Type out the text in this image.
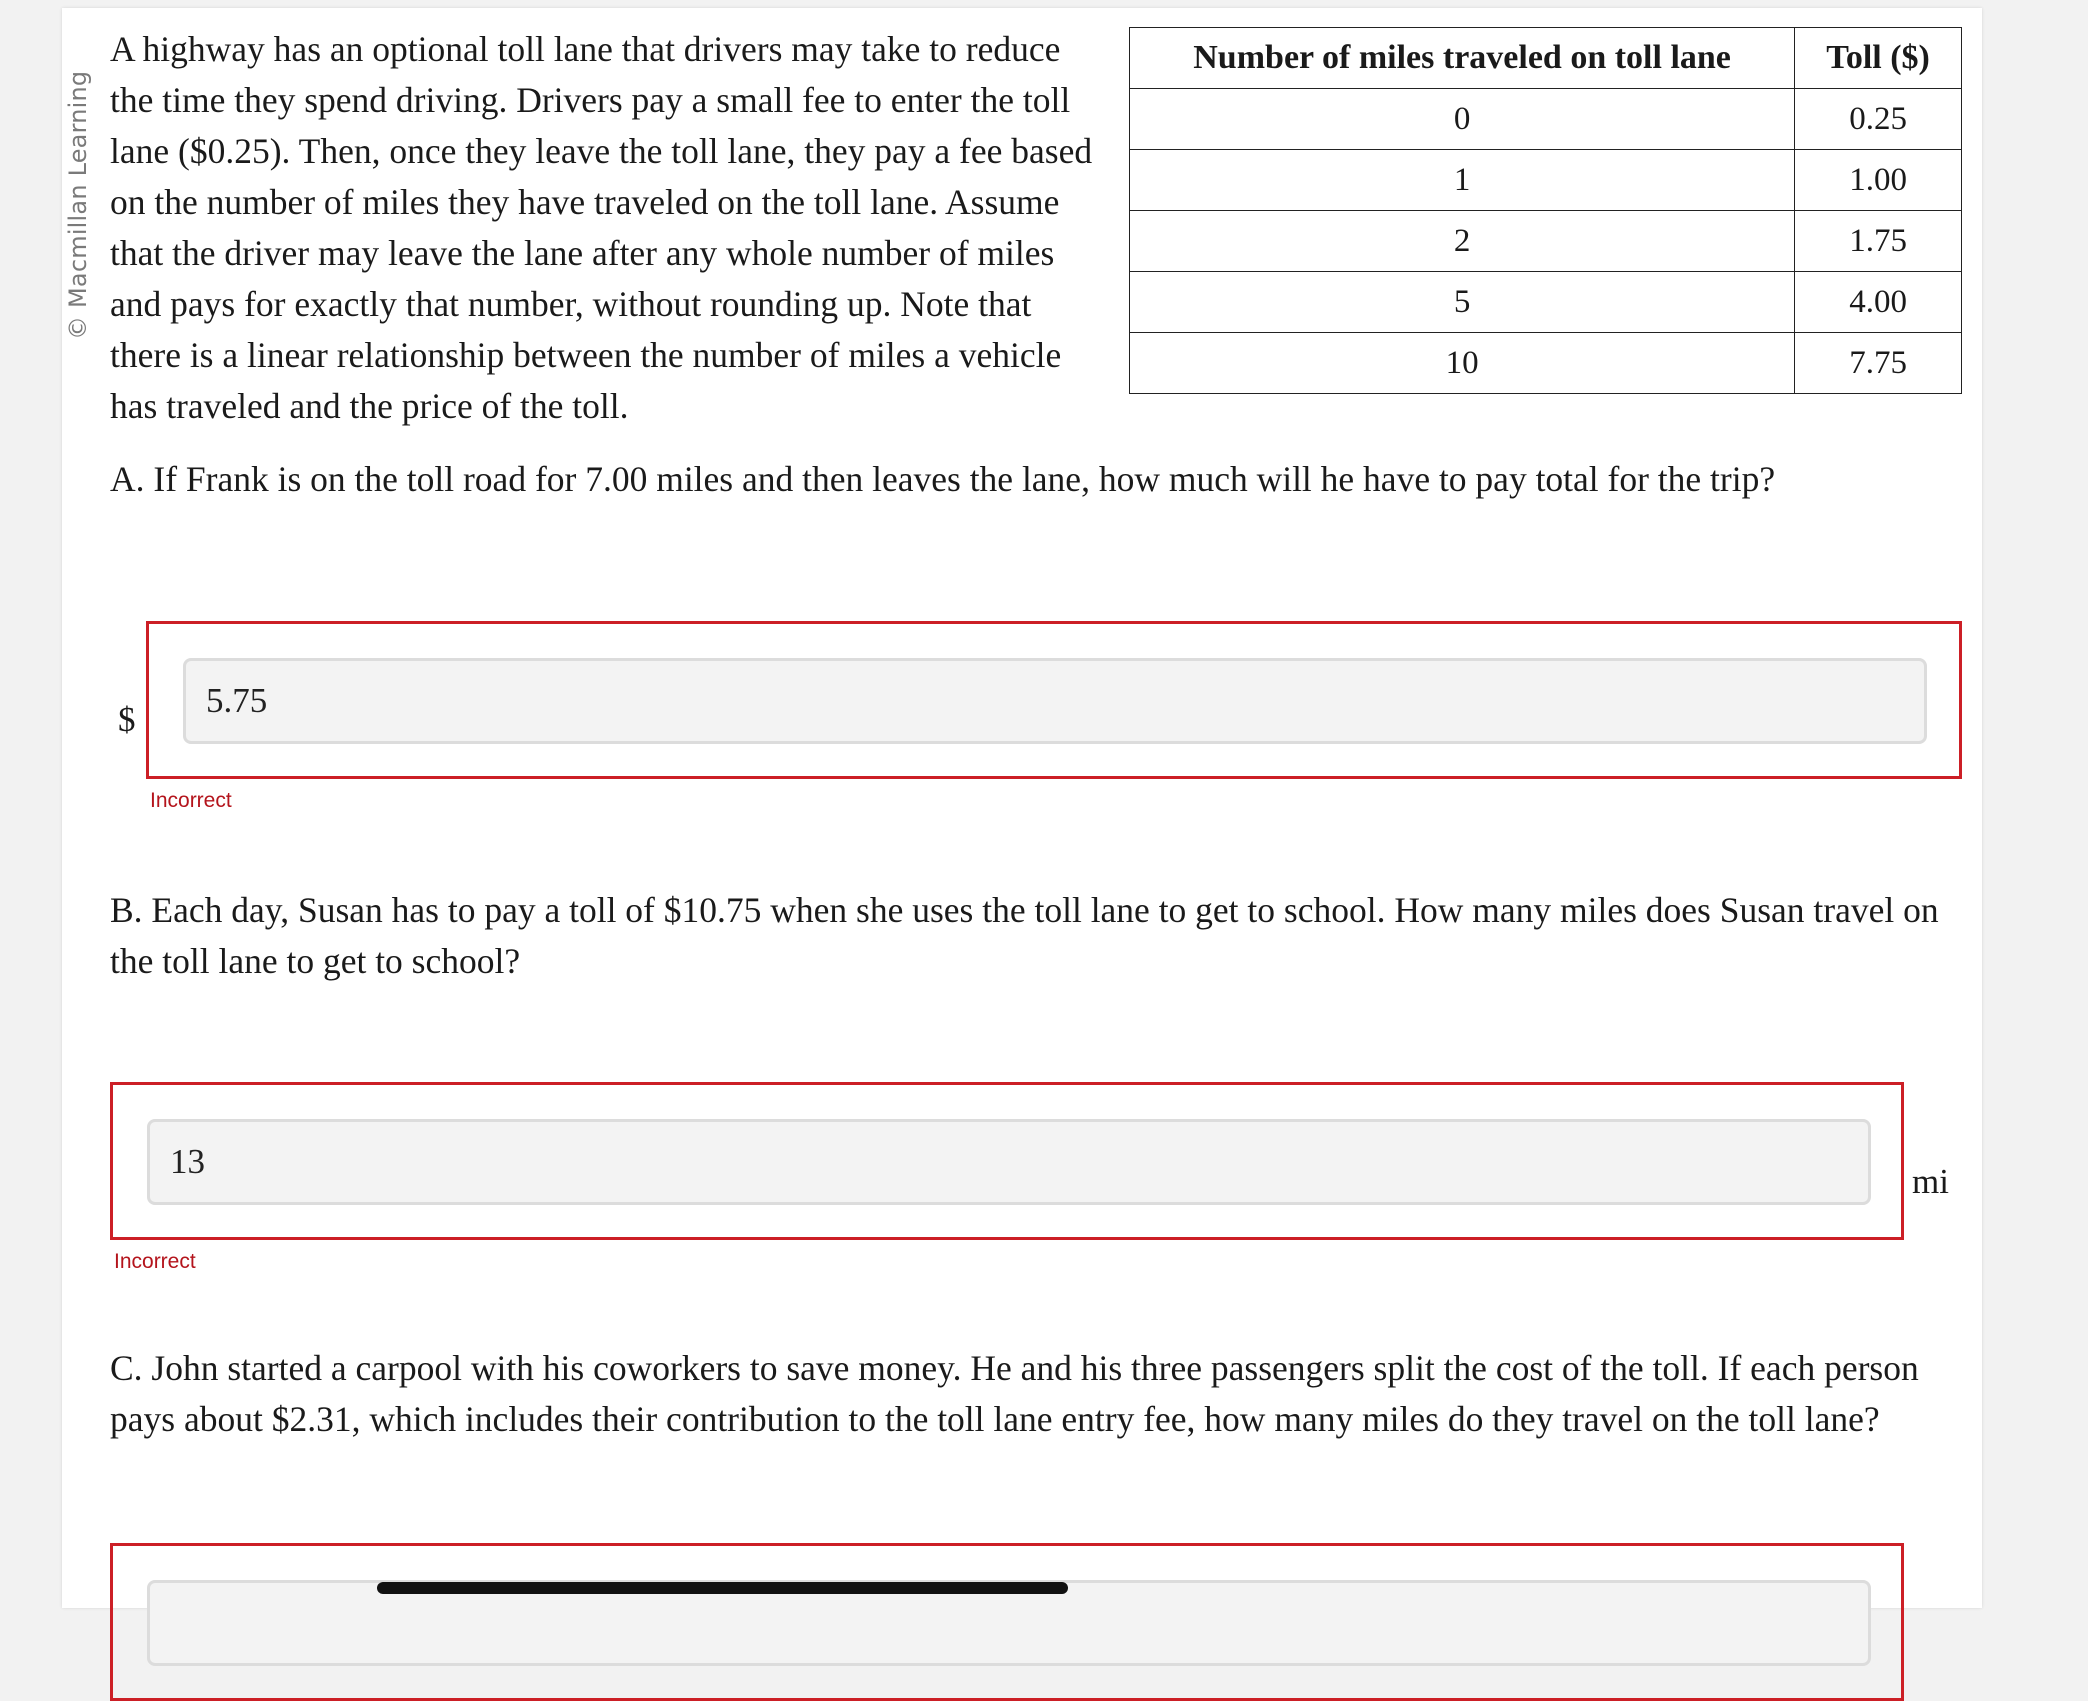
© Macmillan Learning
A highway has an optional toll lane that drivers may take to reduce the time they spend driving. Drivers pay a small fee to enter the toll lane ($0.25). Then, once they leave the toll lane, they pay a fee based on the number of miles they have traveled on the toll lane. Assume that the driver may leave the lane after any whole number of miles and pays for exactly that number, without rounding up. Note that there is a linear relationship between the number of miles a vehicle has traveled and the price of the toll.
Number of miles traveled on toll lane	Toll ($)
0	0.25
1	1.00
2	1.75
5	4.00
10	7.75
A. If Frank is on the toll road for 7.00 miles and then leaves the lane, how much will he have to pay total for the trip?
$
5.75
Incorrect
B. Each day, Susan has to pay a toll of $10.75 when she uses the toll lane to get to school. How many miles does Susan travel on the toll lane to get to school?
13
mi
Incorrect
C. John started a carpool with his coworkers to save money. He and his three passengers split the cost of the toll. If each person pays about $2.31, which includes their contribution to the toll lane entry fee, how many miles do they travel on the toll lane?
